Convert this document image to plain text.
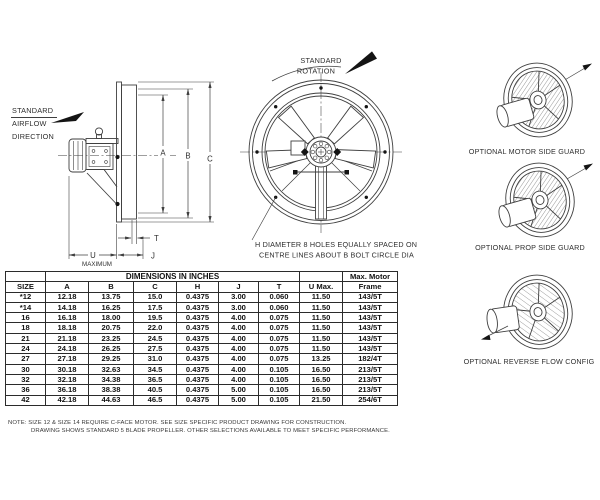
STANDARD
AIRFLOW
DIRECTION
A	B C
T
U	J
MAXIMUM
STANDARD
ROTATION
H DIAMETER 8 HOLES EQUALLY SPACED ON
CENTRE LINES ABOUT B BOLT CIRCLE DIA
OPTIONAL MOTOR SIDE GUARD
OPTIONAL PROP SIDE GUARD
OPTIONAL REVERSE FLOW CONFIG
	DIMENSIONS IN INCHES							Max. Motor
SIZE	A	B	C	H	J	T	U Max.	Frame
*12	12.18	13.75	15.0	0.4375	3.00	0.060	11.50	143/5T
*14	14.18	16.25	17.5	0.4375	3.00	0.060	11.50	143/5T
16	16.18	18.00	19.5	0.4375	4.00	0.075	11.50	143/5T
18	18.18	20.75	22.0	0.4375	4.00	0.075	11.50	143/5T
21	21.18	23.25	24.5	0.4375	4.00	0.075	11.50	143/5T
24	24.18	26.25	27.5	0.4375	4.00	0.075	11.50	143/5T
27	27.18	29.25	31.0	0.4375	4.00	0.075	13.25	182/4T
30	30.18	32.63	34.5	0.4375	4.00	0.105	16.50	213/5T
32	32.18	34.38	36.5	0.4375	4.00	0.105	16.50	213/5T
36	36.18	38.38	40.5	0.4375	5.00	0.105	16.50	213/5T
42	42.18	44.63	46.5	0.4375	5.00	0.105	21.50	254/6T
NOTE: SIZE 12 & SIZE 14 REQUIRE C-FACE MOTOR. SEE SIZE SPECIFIC PRODUCT DRAWING FOR CONSTRUCTION.
DRAWING SHOWS STANDARD 5 BLADE PROPELLER. OTHER SELECTIONS AVAILABLE TO MEET SPECIFIC PERFORMANCE.
